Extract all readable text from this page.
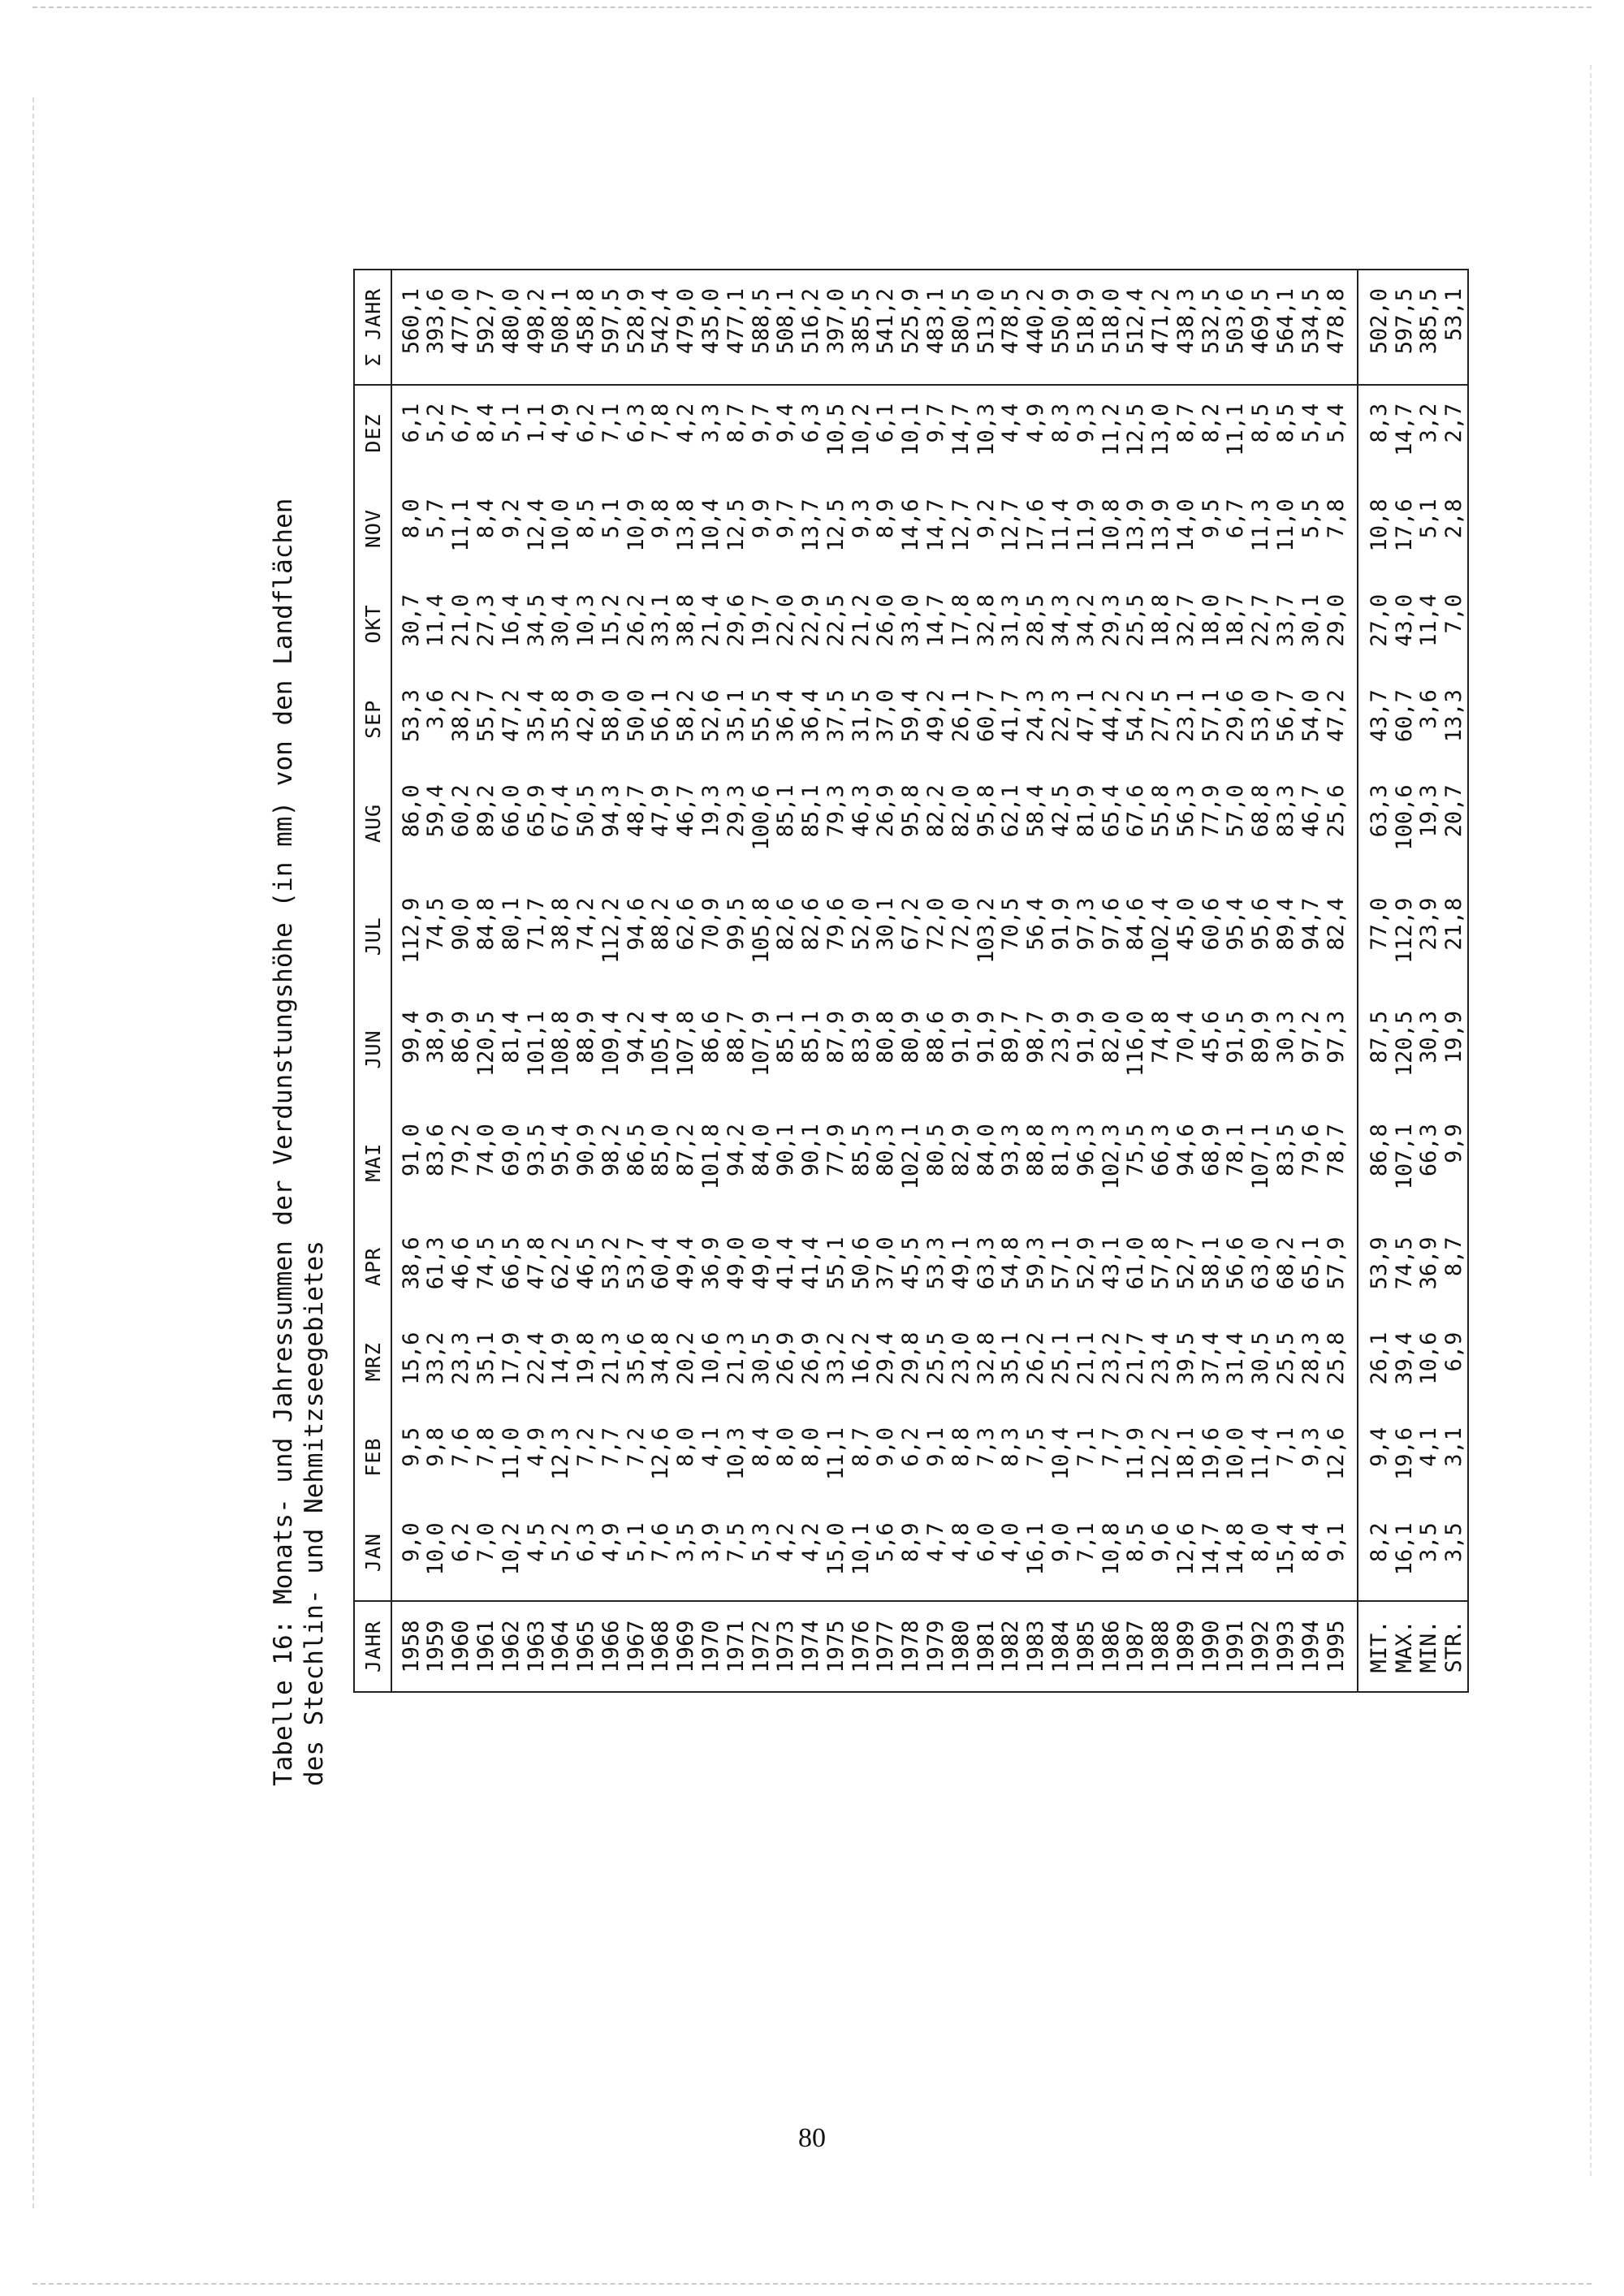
Tabelle 16: Monats- und Jahressummen der Verdunstungshöhe (in mm) von den Landflächen
des Stechlin- und Nehmitzseegebietes JAHR	JAN	FEB	MRZ	APR	MAI	JUN	JUL	AUG	SEP	OKT	NOV	DEZ	Σ JAHR
1958	9,0	9,5	15,6	38,6	91,0	99,4	112,9	86,0	53,3	30,7	8,0	6,1	560,1
1959	10,0	9,8	33,2	61,3	83,6	38,9	74,5	59,4	3,6	11,4	5,7	5,2	393,6
1960	6,2	7,6	23,3	46,6	79,2	86,9	90,0	60,2	38,2	21,0	11,1	6,7	477,0
1961	7,0	7,8	35,1	74,5	74,0	120,5	84,8	89,2	55,7	27,3	8,4	8,4	592,7
1962	10,2	11,0	17,9	66,5	69,0	81,4	80,1	66,0	47,2	16,4	9,2	5,1	480,0
1963	4,5	4,9	22,4	47,8	93,5	101,1	71,7	65,9	35,4	34,5	12,4	1,1	498,2
1964	5,2	12,3	14,9	62,2	95,4	108,8	38,8	67,4	35,8	30,4	10,0	4,9	508,1
1965	6,3	7,2	19,8	46,5	90,9	88,9	74,2	50,5	42,9	10,3	8,5	6,2	458,8
1966	4,9	7,7	21,3	53,2	98,2	109,4	112,2	94,3	58,0	15,2	5,1	7,1	597,5
1967	5,1	7,2	35,6	53,7	86,5	94,2	94,6	48,7	50,0	26,2	10,9	6,3	528,9
1968	7,6	12,6	34,8	60,4	85,0	105,4	88,2	47,9	56,1	33,1	9,8	7,8	542,4
1969	3,5	8,0	20,2	49,4	87,2	107,8	62,6	46,7	58,2	38,8	13,8	4,2	479,0
1970	3,9	4,1	10,6	36,9	101,8	86,6	70,9	19,3	52,6	21,4	10,4	3,3	435,0
1971	7,5	10,3	21,3	49,0	94,2	88,7	99,5	29,3	35,1	29,6	12,5	8,7	477,1
1972	5,3	8,4	30,5	49,0	84,0	107,9	105,8	100,6	55,5	19,7	9,9	9,7	588,5
1973	4,2	8,0	26,9	41,4	90,1	85,1	82,6	85,1	36,4	22,0	9,7	9,4	508,1
1974	4,2	8,0	26,9	41,4	90,1	85,1	82,6	85,1	36,4	22,9	13,7	6,3	516,2
1975	15,0	11,1	33,2	55,1	77,9	87,9	79,6	79,3	37,5	22,5	12,5	10,5	397,0
1976	10,1	8,7	16,2	50,6	85,5	83,9	52,0	46,3	31,5	21,2	9,3	10,2	385,5
1977	5,6	9,0	29,4	37,0	80,3	80,8	30,1	26,9	37,0	26,0	8,9	6,1	541,2
1978	8,9	6,2	29,8	45,5	102,1	80,9	67,2	95,8	59,4	33,0	14,6	10,1	525,9
1979	4,7	9,1	25,5	53,3	80,5	88,6	72,0	82,2	49,2	14,7	14,7	9,7	483,1
1980	4,8	8,8	23,0	49,1	82,9	91,9	72,0	82,0	26,1	17,8	12,7	14,7	580,5
1981	6,0	7,3	32,8	63,3	84,0	91,9	103,2	95,8	60,7	32,8	9,2	10,3	513,0
1982	4,0	8,3	35,1	54,8	93,3	89,7	70,5	62,1	41,7	31,3	12,7	4,4	478,5
1983	16,1	7,5	26,2	59,3	88,8	98,7	56,4	58,4	24,3	28,5	17,6	4,9	440,2
1984	9,0	10,4	25,1	57,1	81,3	23,9	91,9	42,5	22,3	34,3	11,4	8,3	550,9
1985	7,1	7,1	21,1	52,9	96,3	91,9	97,3	81,9	47,1	34,2	11,9	9,3	518,9
1986	10,8	7,7	23,2	43,1	102,3	82,0	97,6	65,4	44,2	29,3	10,8	11,2	518,0
1987	8,5	11,9	21,7	61,0	75,5	116,0	84,6	67,6	54,2	25,5	13,9	12,5	512,4
1988	9,6	12,2	23,4	57,8	66,3	74,8	102,4	55,8	27,5	18,8	13,9	13,0	471,2
1989	12,6	18,1	39,5	52,7	94,6	70,4	45,0	56,3	23,1	32,7	14,0	8,7	438,3
1990	14,7	19,6	37,4	58,1	68,9	45,6	60,6	77,9	57,1	18,0	9,5	8,2	532,5
1991	14,8	10,0	31,4	56,6	78,1	91,5	95,4	57,0	29,6	18,7	6,7	11,1	503,6
1992	8,0	11,4	30,5	63,0	107,1	89,9	95,6	68,8	53,0	22,7	11,3	8,5	469,5
1993	15,4	7,1	25,5	68,2	83,5	30,3	89,4	83,3	56,7	33,7	11,0	8,5	564,1
1994	8,4	9,3	28,3	65,1	79,6	97,2	94,7	46,7	54,0	30,1	5,5	5,4	534,5
1995	9,1	12,6	25,8	57,9	78,7	97,3	82,4	25,6	47,2	29,0	7,8	5,4	478,8
MIT.	8,2	9,4	26,1	53,9	86,8	87,5	77,0	63,3	43,7	27,0	10,8	8,3	502,0
MAX.	16,1	19,6	39,4	74,5	107,1	120,5	112,9	100,6	60,7	43,0	17,6	14,7	597,5
MIN.	3,5	4,1	10,6	36,9	66,3	30,3	23,9	19,3	3,6	11,4	5,1	3,2	385,5
STR.	3,5	3,1	6,9	8,7	9,9	19,9	21,8	20,7	13,3	7,0	2,8	2,7	53,1
80
